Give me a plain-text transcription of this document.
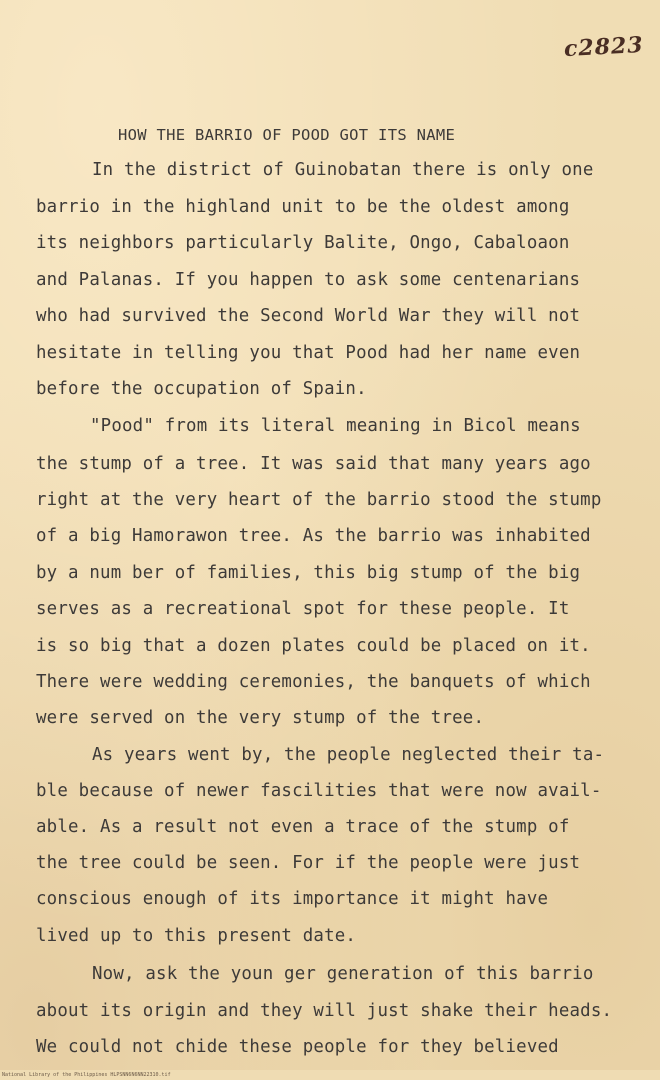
c2823
HOW THE BARRIO OF POOD GOT ITS NAME
In the district of Guinobatan there is only one
barrio in the highland unit to be the oldest among
its neighbors particularly Balite, Ongo, Cabaloaon
and Palanas. If you happen to ask some centenarians
who had survived the Second World War they will not
hesitate in telling you that Pood had her name even
before the occupation of Spain.
"Pood" from its literal meaning in Bicol means
the stump of a tree. It was said that many years ago
right at the very heart of the barrio stood the stump
of a big Hamorawon tree. As the barrio was inhabited
by a num ber of families, this big stump of the big
serves as a recreational spot for these people. It
is so big that a dozen plates could be placed on it.
There were wedding ceremonies, the banquets of which
were served on the very stump of the tree.
As years went by, the people neglected their ta-
ble because of newer fascilities that were now avail-
able. As a result not even a trace of the stump of
the tree could be seen. For if the people were just
conscious enough of its importance it might have
lived up to this present date.
Now, ask the youn ger generation of this barrio
about its origin and they will just shake their heads.
We could not chide these people for they believed
National Library of the Philippines HLPSNN6N6NN22310.tif
